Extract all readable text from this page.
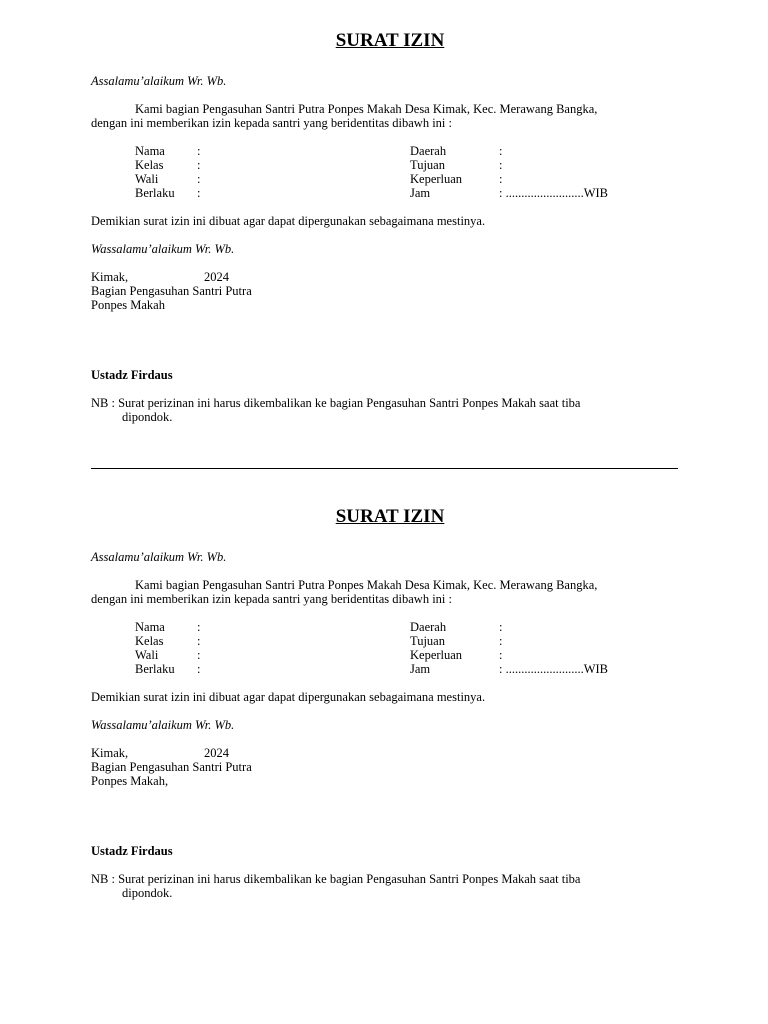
SURAT IZIN
Assalamu’alaikum Wr. Wb.
Kami bagian Pengasuhan Santri Putra Ponpes Makah Desa Kimak, Kec. Merawang Bangka,
dengan ini memberikan izin kepada santri yang beridentitas dibawh ini :
Nama	:	Daerah	:
Kelas	:	Tujuan	:
Wali	:	Keperluan	:
Berlaku :	Jam	: .........................WIB
Demikian surat izin ini dibuat agar dapat dipergunakan sebagaimana mestinya.
Wassalamu’alaikum Wr. Wb.
Kimak,	2024
Bagian Pengasuhan Santri Putra
Ponpes Makah
Ustadz Firdaus
NB : Surat perizinan ini harus dikembalikan ke bagian Pengasuhan Santri Ponpes Makah saat tiba
dipondok.
SURAT IZIN
Assalamu’alaikum Wr. Wb.
Kami bagian Pengasuhan Santri Putra Ponpes Makah Desa Kimak, Kec. Merawang Bangka,
dengan ini memberikan izin kepada santri yang beridentitas dibawh ini :
Nama	:	Daerah	:
Kelas	:	Tujuan	:
Wali	:	Keperluan	:
Berlaku :	Jam	: .........................WIB
Demikian surat izin ini dibuat agar dapat dipergunakan sebagaimana mestinya.
Wassalamu’alaikum Wr. Wb.
Kimak,	2024
Bagian Pengasuhan Santri Putra
Ponpes Makah,
Ustadz Firdaus
NB : Surat perizinan ini harus dikembalikan ke bagian Pengasuhan Santri Ponpes Makah saat tiba
dipondok.
